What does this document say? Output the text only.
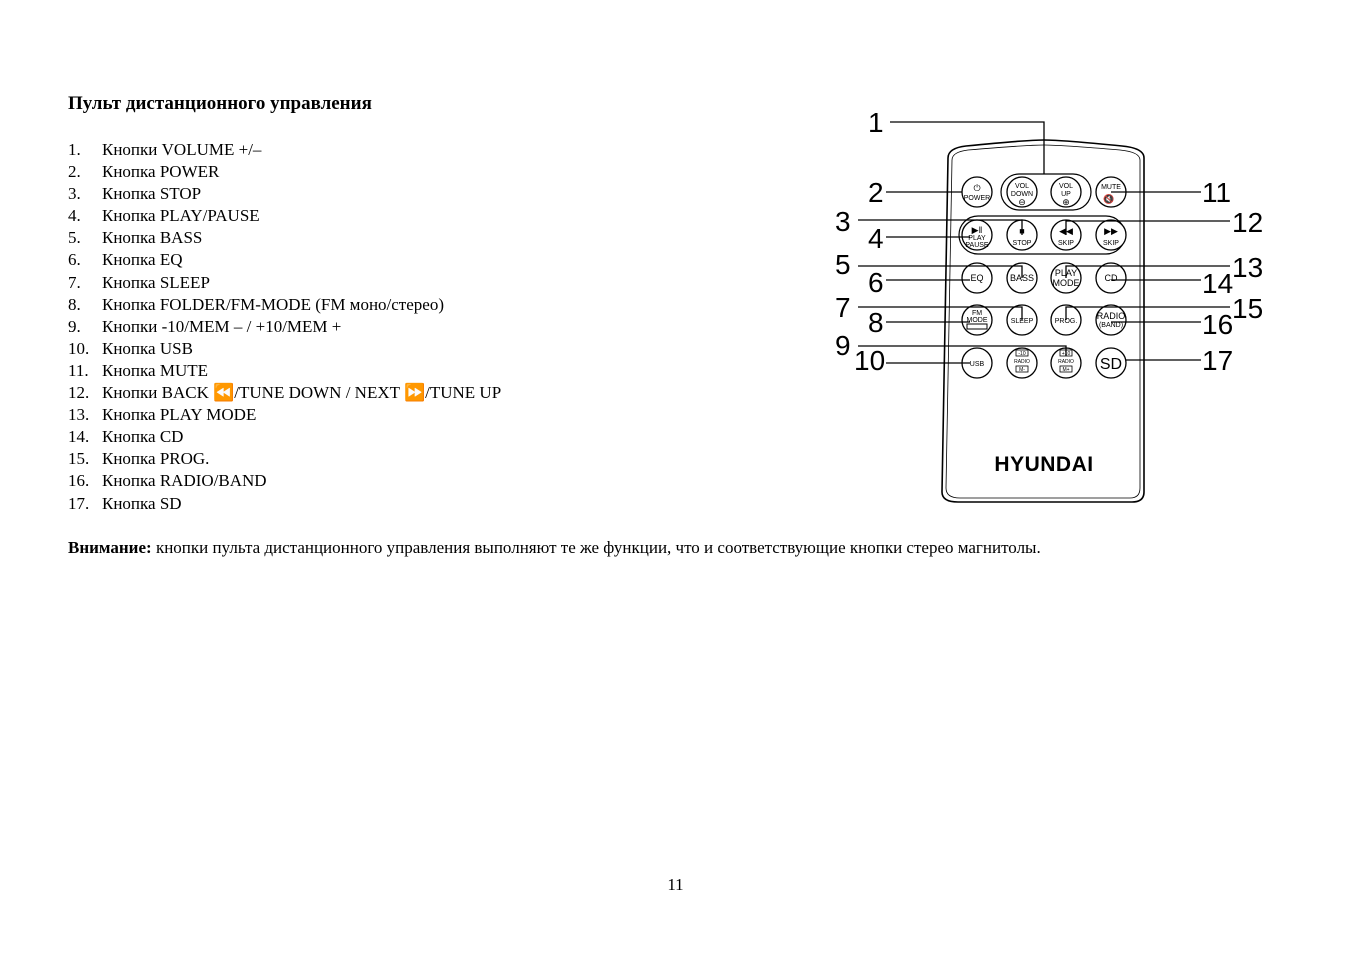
Пульт дистанционного управления
1.	Кнопки VOLUME +/–
2.	Кнопка POWER
3.	Кнопка STOP
4.	Кнопка PLAY/PAUSE
5.	Кнопка BASS
6.	Кнопка EQ
7.	Кнопка SLEEP
8.	Кнопка FOLDER/FM-MODE (FM моно/стерео)
9.	Кнопки -10/MEM – / +10/MEM +
10. Кнопка USB
11. Кнопка MUTE
12. Кнопки BACK ⏪/TUNE DOWN / NEXT ⏩/TUNE UP
13. Кнопка PLAY MODE
14. Кнопка CD
15. Кнопка PROG.
16. Кнопка RADIO/BAND
17. Кнопка SD
⏻
POWER
VOL
DOWN
⊖
VOL
UP
⊕
MUTE
🔇
▶‖
PLAY
PAUSE
■
STOP
◀◀
SKIP
▶▶
SKIP
EQ	BASS PLAY
MODE	CD
FM
MODE	SLEEP	PROG.
RADIO
(BAND)
USB
-10
RADIO
M-
+10
RADIO
M+ SD
HYUNDAI
1
2
3
4
5
6
7 8
9 10
11
12
13
14
15
16
17

Внимание: кнопки пульта дистанционного управления выполняют те же функции, что и соответствующие кнопки стерео магнитолы.

11
